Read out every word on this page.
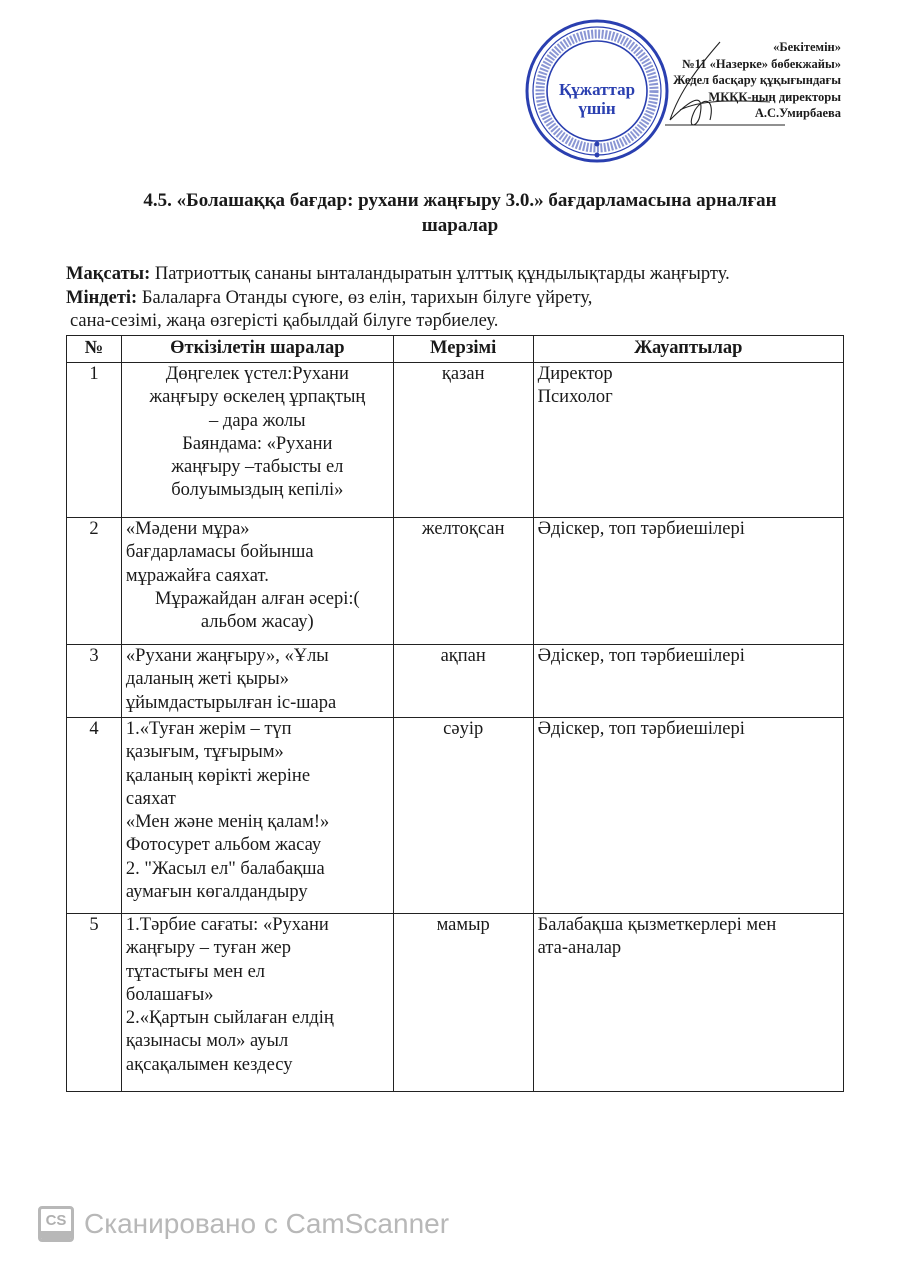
Құжаттар
үшін
«Бекітемін»
№11 «Назерке» бөбекжайы»
Жедел басқару құқығындағы
МКҚК-ның директоры
А.С.Умирбаева
4.5. «Болашаққа бағдар: рухани жаңғыру 3.0.» бағдарламасына арналған
шаралар
Мақсаты: Патриоттық сананы ынталандыратын ұлттық құндылықтарды жаңғырту.
Міндеті: Балаларға Отанды сүюге, өз елін, тарихын білуге үйрету,
сана-сезімі, жаңа өзгерісті қабылдай білуге тәрбиелеу.
№	Өткізілетін шаралар	Мерзімі	Жауаптылар
1	Дөңгелек үстел:Рухани
жаңғыру өскелең ұрпақтың
– дара жолы
Баяндама: «Рухани
жаңғыру –табысты ел
болуымыздың кепілі»
	қазан	Директор
Психолог

2	«Мәдени мұра»
бағдарламасы бойынша
мұражайға саяхат.
Мұражайдан алған әсері:(
альбом жасау)	желтоқсан	Әдіскер, топ тәрбиешілері

3	«Рухани жаңғыру», «Ұлы
даланың жеті қыры»
ұйымдастырылған іс-шара	ақпан	Әдіскер, топ тәрбиешілері

4	1.«Туған жерім – түп
қазығым, тұғырым»
қаланың көрікті жеріне
саяхат
«Мен және менің қалам!»
Фотосурет альбом жасау
2. "Жасыл ел" балабақша
аумағын көгалдандыру
	сәуір	Әдіскер, топ тәрбиешілері

5	1.Тәрбие сағаты: «Рухани
жаңғыру – туған жер
тұтастығы мен ел
болашағы»
2.«Қартын сыйлаған елдің
қазынасы мол» ауыл
ақсақалымен кездесу
	мамыр	Балабақша қызметкерлері мен
ата-аналар
CS Сканировано с CamScanner
